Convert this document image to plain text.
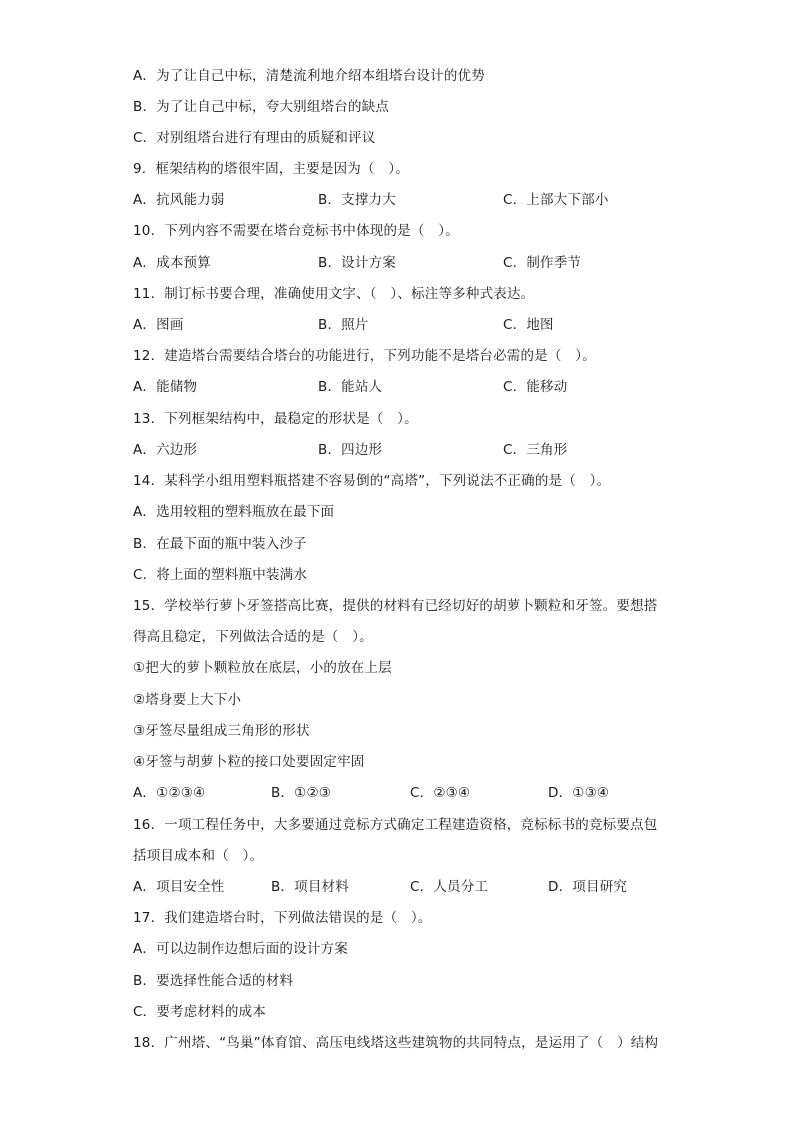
A．为了让自己中标，清楚流利地介绍本组塔台设计的优势
B．为了让自己中标，夸大别组塔台的缺点
C．对别组塔台进行有理由的质疑和评议
9．框架结构的塔很牢固，主要是因为（　）。
A．抗风能力弱	B．支撑力大	C．上部大下部小
10．下列内容不需要在塔台竞标书中体现的是（　）。
A．成本预算	B．设计方案	C．制作季节
11．制订标书要合理，准确使用文字、（　）、标注等多种式表达。
A．图画	B．照片	C．地图
12．建造塔台需要结合塔台的功能进行，下列功能不是塔台必需的是（　）。
A．能储物	B．能站人	C．能移动
13．下列框架结构中，最稳定的形状是（　）。
A．六边形	B．四边形	C．三角形
14．某科学小组用塑料瓶搭建不容易倒的“高塔”，下列说法不正确的是（　）。
A．选用较粗的塑料瓶放在最下面
B．在最下面的瓶中装入沙子
C．将上面的塑料瓶中装满水
15．学校举行萝卜牙签搭高比赛，提供的材料有已经切好的胡萝卜颗粒和牙签。要想搭
得高且稳定，下列做法合适的是（　）。
①把大的萝卜颗粒放在底层，小的放在上层
②塔身要上大下小
③牙签尽量组成三角形的形状
④牙签与胡萝卜粒的接口处要固定牢固
A．①②③④	B．①②③	C．②③④	D．①③④
16．一项工程任务中，大多要通过竞标方式确定工程建造资格，竞标标书的竞标要点包
括项目成本和（　）。
A．项目安全性	B．项目材料	C．人员分工	D．项目研究
17．我们建造塔台时，下列做法错误的是（　）。
A．可以边制作边想后面的设计方案
B．要选择性能合适的材料
C．要考虑材料的成本
18．广州塔、“鸟巢”体育馆、高压电线塔这些建筑物的共同特点，是运用了（　）结构
